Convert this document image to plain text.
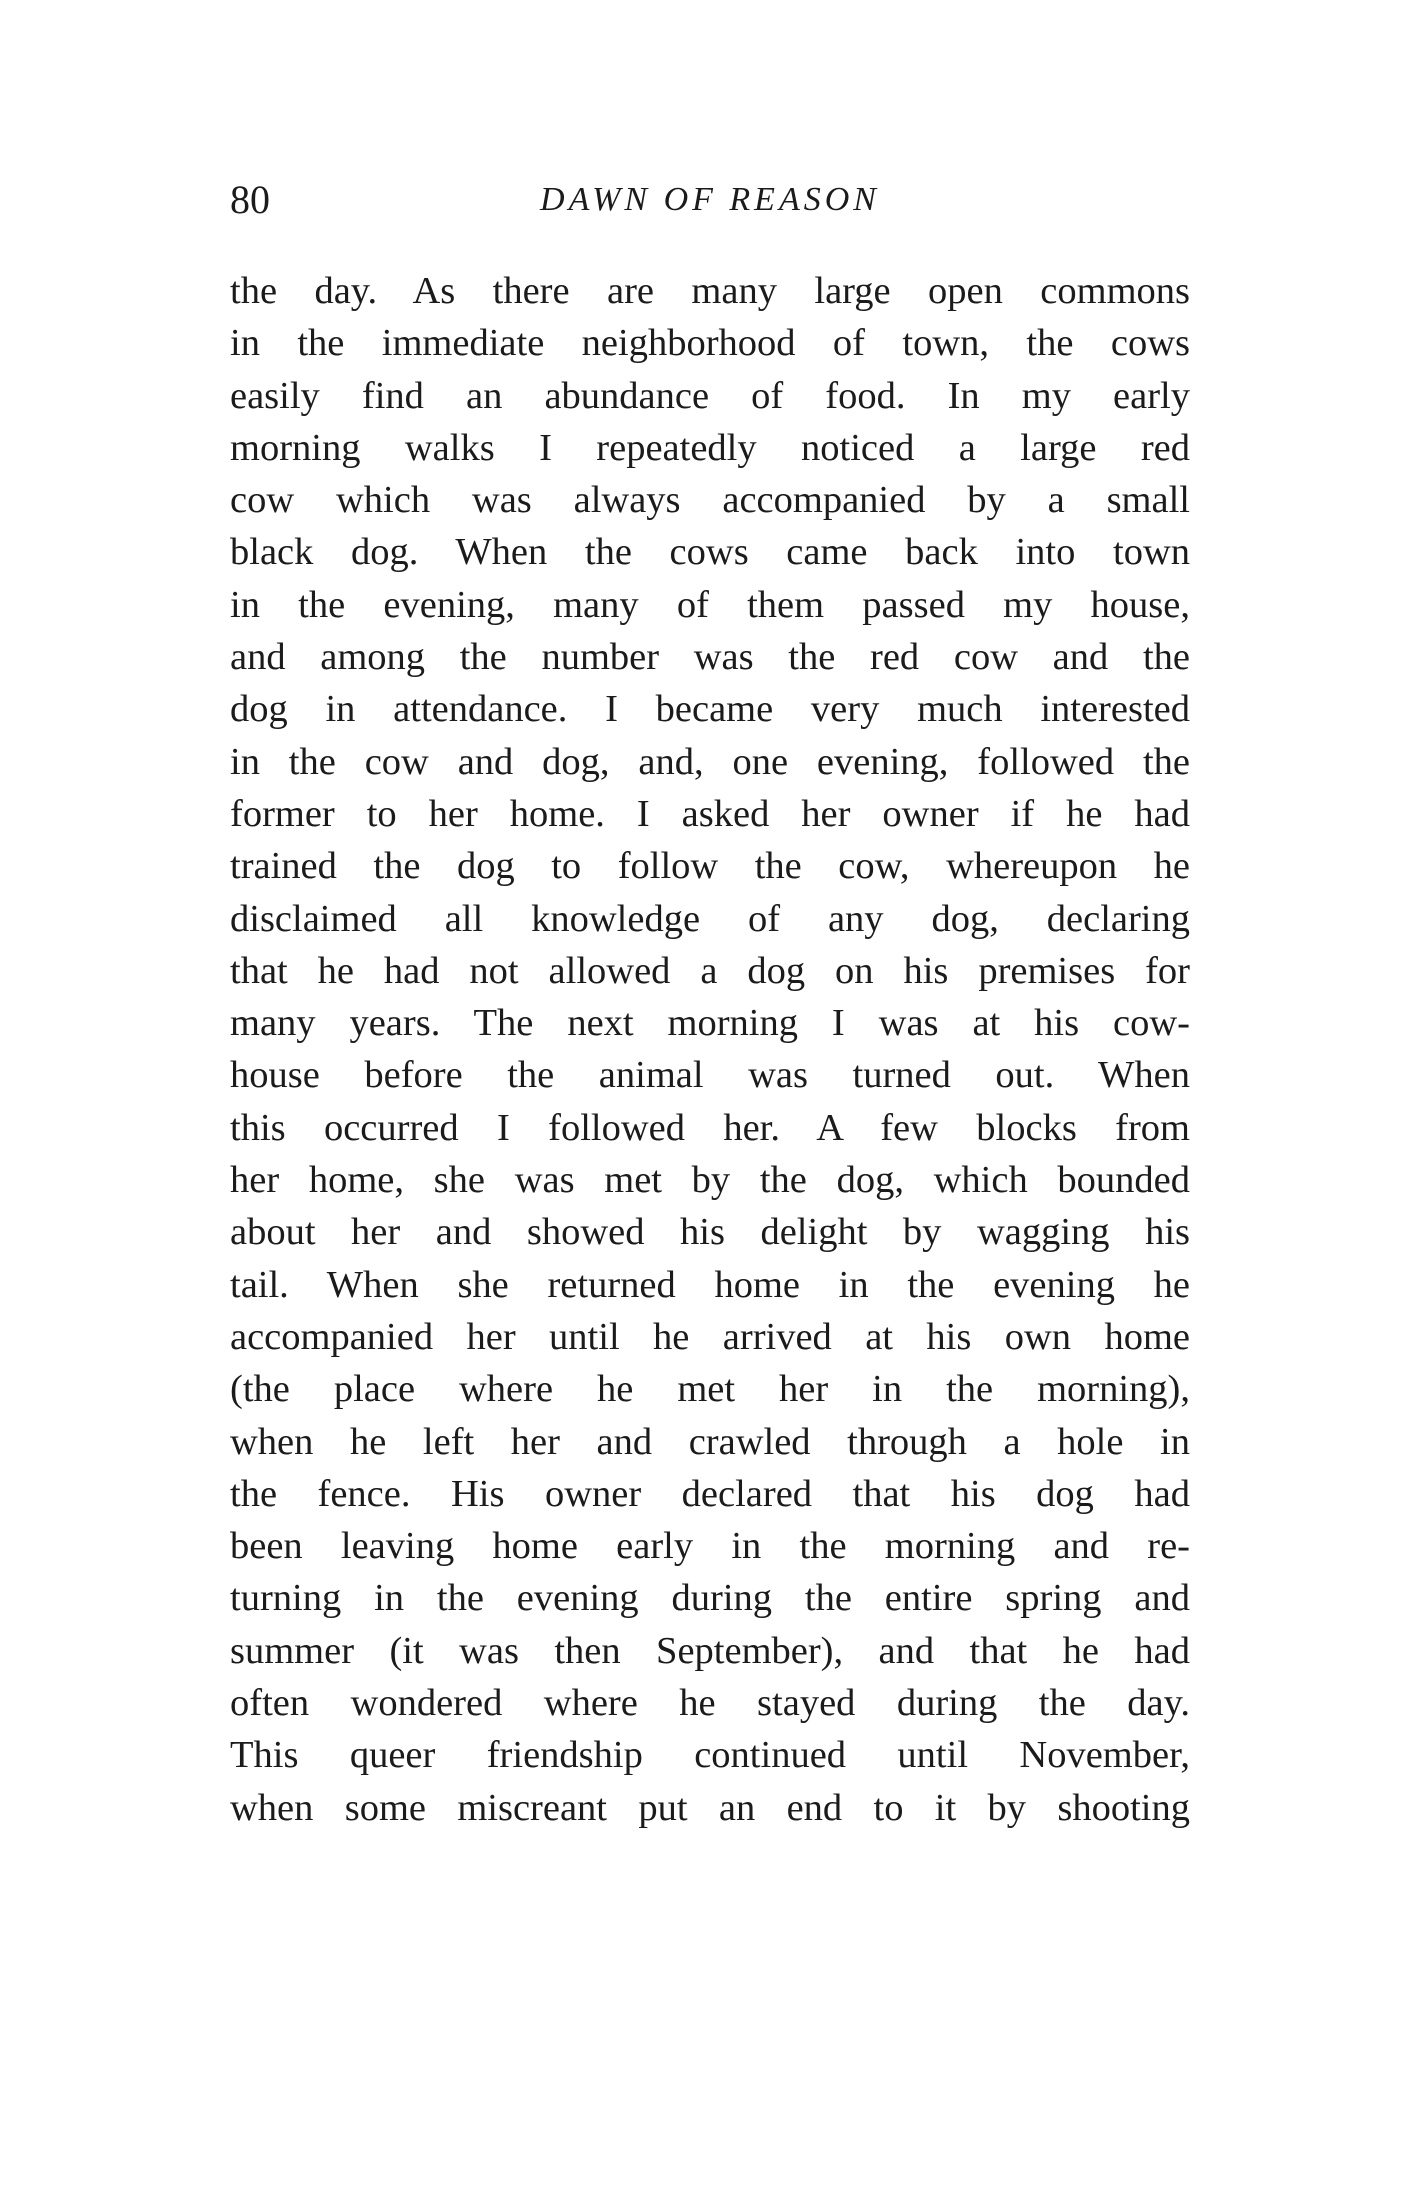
80	DAWN OF REASON
the day. As there are many large open commons
in the immediate neighborhood of town, the cows
easily find an abundance of food. In my early
morning walks I repeatedly noticed a large red
cow which was always accompanied by a small
black dog. When the cows came back into town
in the evening, many of them passed my house,
and among the number was the red cow and the
dog in attendance. I became very much interested
in the cow and dog, and, one evening, followed the
former to her home. I asked her owner if he had
trained the dog to follow the cow, whereupon he
disclaimed all knowledge of any dog, declaring
that he had not allowed a dog on his premises for
many years. The next morning I was at his cow-
house before the animal was turned out. When
this occurred I followed her. A few blocks from
her home, she was met by the dog, which bounded
about her and showed his delight by wagging his
tail. When she returned home in the evening he
accompanied her until he arrived at his own home
(the place where he met her in the morning),
when he left her and crawled through a hole in
the fence. His owner declared that his dog had
been leaving home early in the morning and re-
turning in the evening during the entire spring and
summer (it was then September), and that he had
often wondered where he stayed during the day.
This queer friendship continued until November,
when some miscreant put an end to it by shooting
